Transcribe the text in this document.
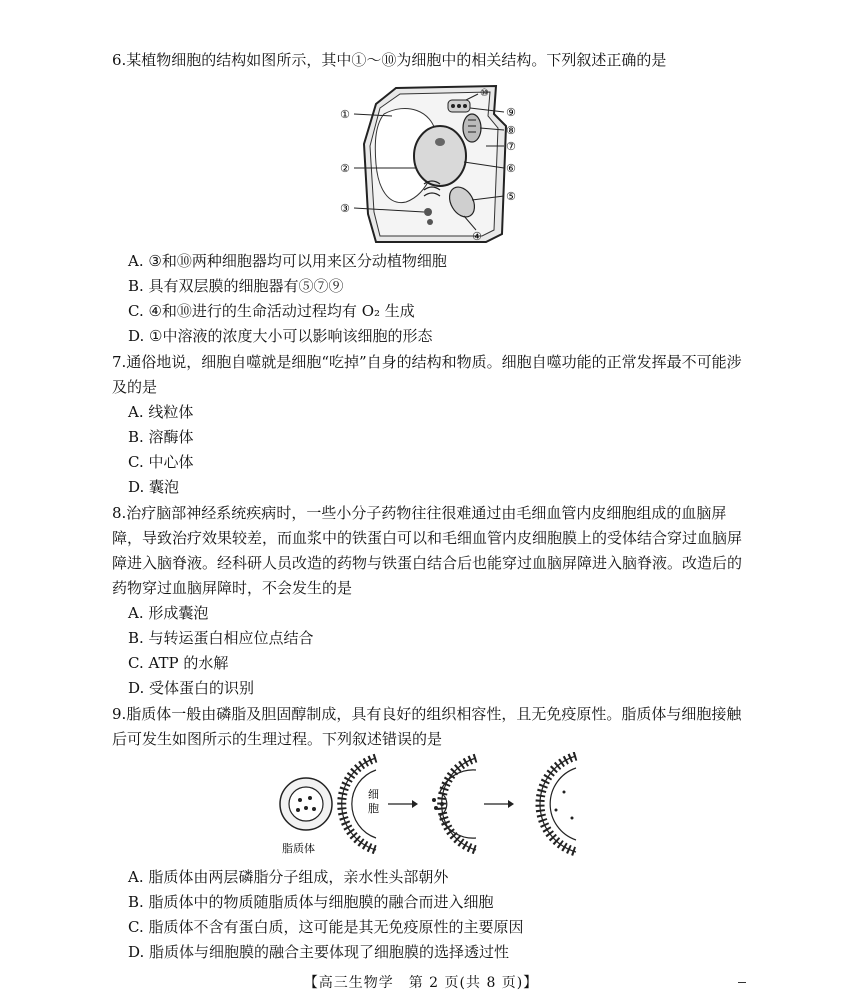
6.某植物细胞的结构如图所示，其中①～⑩为细胞中的相关结构。下列叙述正确的是
①
②
③
④
⑤
⑥
⑦
⑧
⑨
⑩
A. ③和⑩两种细胞器均可以用来区分动植物细胞
B. 具有双层膜的细胞器有⑤⑦⑨
C. ④和⑩进行的生命活动过程均有 O₂ 生成
D. ①中溶液的浓度大小可以影响该细胞的形态
7.通俗地说，细胞自噬就是细胞“吃掉”自身的结构和物质。细胞自噬功能的正常发挥最不可能涉及的是
A. 线粒体
B. 溶酶体
C. 中心体
D. 囊泡
8.治疗脑部神经系统疾病时，一些小分子药物往往很难通过由毛细血管内皮细胞组成的血脑屏障，导致治疗效果较差，而血浆中的铁蛋白可以和毛细血管内皮细胞膜上的受体结合穿过血脑屏障进入脑脊液。经科研人员改造的药物与铁蛋白结合后也能穿过血脑屏障进入脑脊液。改造后的药物穿过血脑屏障时，不会发生的是
A. 形成囊泡
B. 与转运蛋白相应位点结合
C. ATP 的水解
D. 受体蛋白的识别
9.脂质体一般由磷脂及胆固醇制成，具有良好的组织相容性，且无免疫原性。脂质体与细胞接触后可发生如图所示的生理过程。下列叙述错误的是
脂质体
细
胞
A. 脂质体由两层磷脂分子组成，亲水性头部朝外
B. 脂质体中的物质随脂质体与细胞膜的融合而进入细胞
C. 脂质体不含有蛋白质，这可能是其无免疫原性的主要原因
D. 脂质体与细胞膜的融合主要体现了细胞膜的选择透过性
【高三生物学　第 2 页(共 8 页)】
